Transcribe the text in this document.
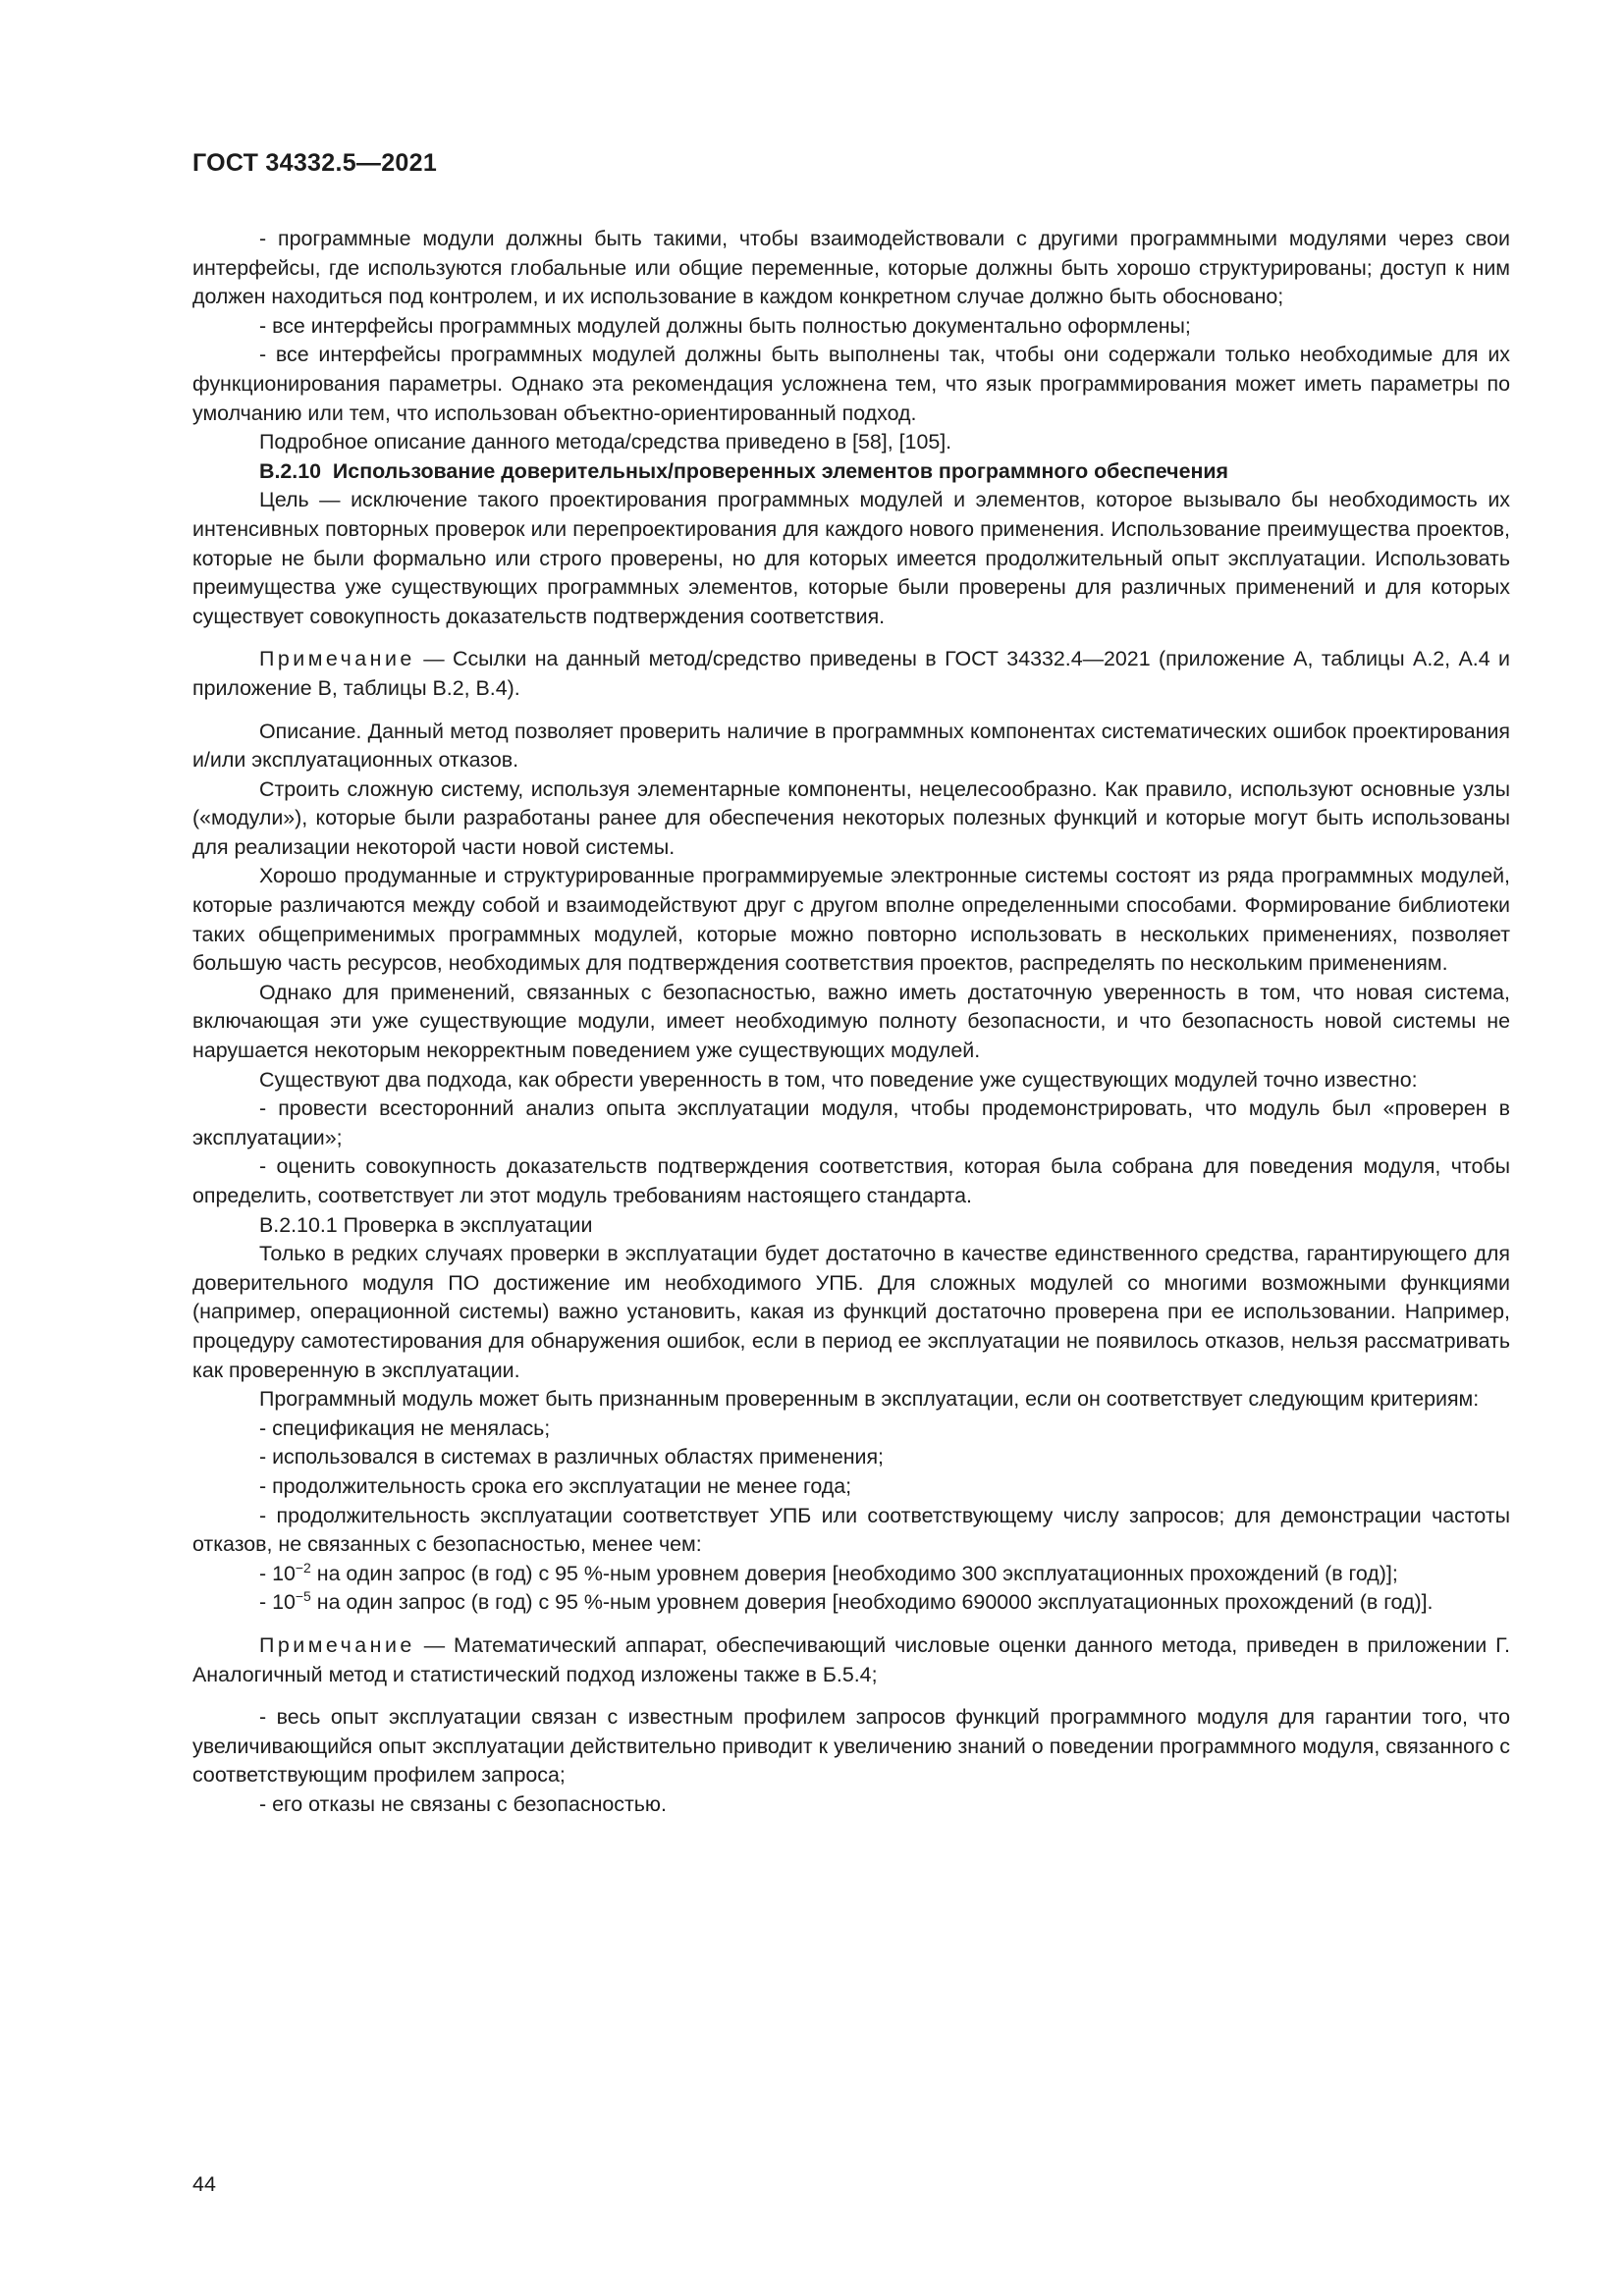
ГОСТ 34332.5—2021

- программные модули должны быть такими, чтобы взаимодействовали с другими программными модулями через свои интерфейсы, где используются глобальные или общие переменные, которые должны быть хорошо структурированы; доступ к ним должен находиться под контролем, и их использование в каждом конкретном случае должно быть обосновано;

- все интерфейсы программных модулей должны быть полностью документально оформлены;

- все интерфейсы программных модулей должны быть выполнены так, чтобы они содержали только необходимые для их функционирования параметры. Однако эта рекомендация усложнена тем, что язык программирования может иметь параметры по умолчанию или тем, что использован объектно-ориентированный подход.

Подробное описание данного метода/средства приведено в [58], [105].

В.2.10 Использование доверительных/проверенных элементов программного обеспечения

Цель — исключение такого проектирования программных модулей и элементов, которое вызывало бы необходимость их интенсивных повторных проверок или перепроектирования для каждого нового применения. Использование преимущества проектов, которые не были формально или строго проверены, но для которых имеется продолжительный опыт эксплуатации. Использовать преимущества уже существующих программных элементов, которые были проверены для различных применений и для которых существует совокупность доказательств подтверждения соответствия.

Примечание — Ссылки на данный метод/средство приведены в ГОСТ 34332.4—2021 (приложение А, таблицы А.2, А.4 и приложение В, таблицы В.2, В.4).

Описание. Данный метод позволяет проверить наличие в программных компонентах систематических ошибок проектирования и/или эксплуатационных отказов.

Строить сложную систему, используя элементарные компоненты, нецелесообразно. Как правило, используют основные узлы («модули»), которые были разработаны ранее для обеспечения некоторых полезных функций и которые могут быть использованы для реализации некоторой части новой системы.

Хорошо продуманные и структурированные программируемые электронные системы состоят из ряда программных модулей, которые различаются между собой и взаимодействуют друг с другом вполне определенными способами. Формирование библиотеки таких общеприменимых программных модулей, которые можно повторно использовать в нескольких применениях, позволяет большую часть ресурсов, необходимых для подтверждения соответствия проектов, распределять по нескольким применениям.

Однако для применений, связанных с безопасностью, важно иметь достаточную уверенность в том, что новая система, включающая эти уже существующие модули, имеет необходимую полноту безопасности, и что безопасность новой системы не нарушается некоторым некорректным поведением уже существующих модулей.

Существуют два подхода, как обрести уверенность в том, что поведение уже существующих модулей точно известно:

- провести всесторонний анализ опыта эксплуатации модуля, чтобы продемонстрировать, что модуль был «проверен в эксплуатации»;

- оценить совокупность доказательств подтверждения соответствия, которая была собрана для поведения модуля, чтобы определить, соответствует ли этот модуль требованиям настоящего стандарта.

В.2.10.1 Проверка в эксплуатации

Только в редких случаях проверки в эксплуатации будет достаточно в качестве единственного средства, гарантирующего для доверительного модуля ПО достижение им необходимого УПБ. Для сложных модулей со многими возможными функциями (например, операционной системы) важно установить, какая из функций достаточно проверена при ее использовании. Например, процедуру самотестирования для обнаружения ошибок, если в период ее эксплуатации не появилось отказов, нельзя рассматривать как проверенную в эксплуатации.

Программный модуль может быть признанным проверенным в эксплуатации, если он соответствует следующим критериям:

- спецификация не менялась;

- использовался в системах в различных областях применения;

- продолжительность срока его эксплуатации не менее года;

- продолжительность эксплуатации соответствует УПБ или соответствующему числу запросов; для демонстрации частоты отказов, не связанных с безопасностью, менее чем:

- $10^{-2}$ на один запрос (в год) с 95 %-ным уровнем доверия [необходимо 300 эксплуатационных прохождений (в год)];

- $10^{-5}$ на один запрос (в год) с 95 %-ным уровнем доверия [необходимо 690000 эксплуатационных прохождений (в год)].

Примечание — Математический аппарат, обеспечивающий числовые оценки данного метода, приведен в приложении Г. Аналогичный метод и статистический подход изложены также в Б.5.4;

- весь опыт эксплуатации связан с известным профилем запросов функций программного модуля для гарантии того, что увеличивающийся опыт эксплуатации действительно приводит к увеличению знаний о поведении программного модуля, связанного с соответствующим профилем запроса;

- его отказы не связаны с безопасностью.

44
